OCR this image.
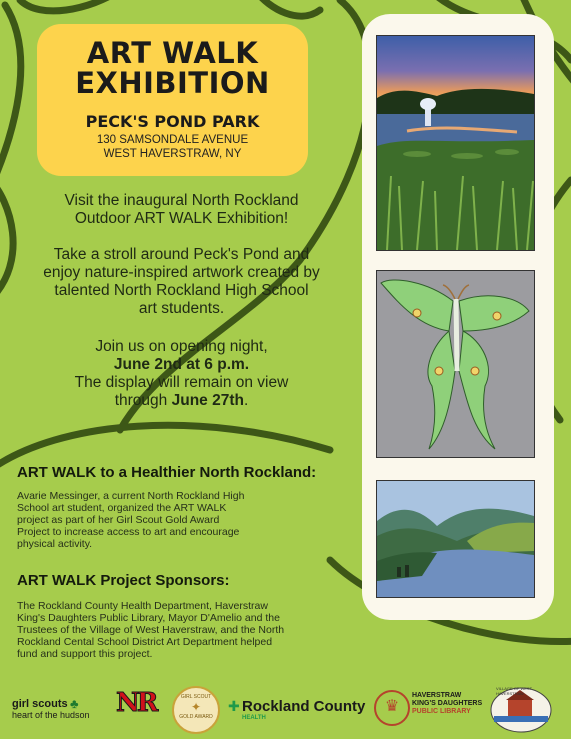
ART WALK
EXHIBITION
PECK'S POND PARK
130 SAMSONDALE AVENUE
WEST HAVERSTRAW, NY
Visit the inaugural North Rockland
Outdoor ART WALK Exhibition!
Take a stroll around Peck's Pond and
enjoy nature-inspired artwork created by
talented North Rockland High School
art students.
Join us on opening night,
June 2nd at 6 p.m.
The display will remain on view
through June 27th.
ART WALK to a Healthier North Rockland:
Avarie Messinger, a current North Rockland High
School art student, organized the ART WALK
project as part of her Girl Scout Gold Award
Project to increase access to art and encourage
physical activity.
ART WALK Project Sponsors:
The Rockland County Health Department, Haverstraw
King's Daughters Public Library, Mayor D'Amelio and the
Trustees of the Village of West Haverstraw, and the North
Rockland Cental School District Art Department helped
fund and support this project.
girl scouts ♣
heart of the hudson	NR	GIRL SCOUT
✦
GOLD AWARD
✚ Rockland County
HEALTH
♛
HAVERSTRAW
KING'S DAUGHTERS
PUBLIC LIBRARY
VILLAGE OF WEST HAVERSTRAW
